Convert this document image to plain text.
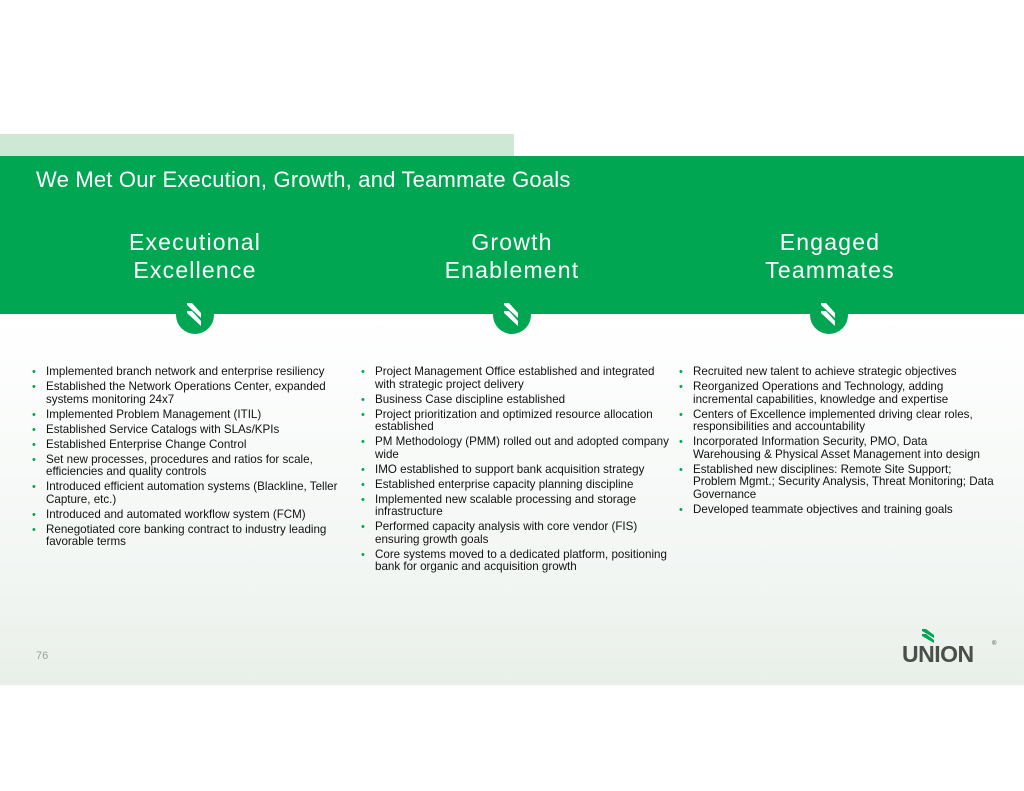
We Met Our Execution, Growth, and Teammate Goals
Executional
Excellence
Growth
Enablement
Engaged
Teammates
• Implemented branch network and enterprise resiliency
• Established the Network Operations Center, expanded systems monitoring 24x7
• Implemented Problem Management (ITIL)
• Established Service Catalogs with SLAs/KPIs
• Established Enterprise Change Control
• Set new processes, procedures and ratios for scale, efficiencies and quality controls
• Introduced efficient automation systems (Blackline, Teller Capture, etc.)
• Introduced and automated workflow system (FCM)
• Renegotiated core banking contract to industry leading favorable terms
• Project Management Office established and integrated with strategic project delivery
• Business Case discipline established
• Project prioritization and optimized resource allocation established
• PM Methodology (PMM) rolled out and adopted company wide
• IMO established to support bank acquisition strategy
• Established enterprise capacity planning discipline
• Implemented new scalable processing and storage infrastructure
• Performed capacity analysis with core vendor (FIS) ensuring growth goals
• Core systems moved to a dedicated platform, positioning bank for organic and acquisition growth
• Recruited new talent to achieve strategic objectives
• Reorganized Operations and Technology, adding incremental capabilities, knowledge and expertise
• Centers of Excellence implemented driving clear roles, responsibilities and accountability
• Incorporated Information Security, PMO, Data Warehousing & Physical Asset Management into design
• Established new disciplines: Remote Site Support; Problem Mgmt.; Security Analysis, Threat Monitoring; Data Governance
• Developed teammate objectives and training goals
76	UNION	®
